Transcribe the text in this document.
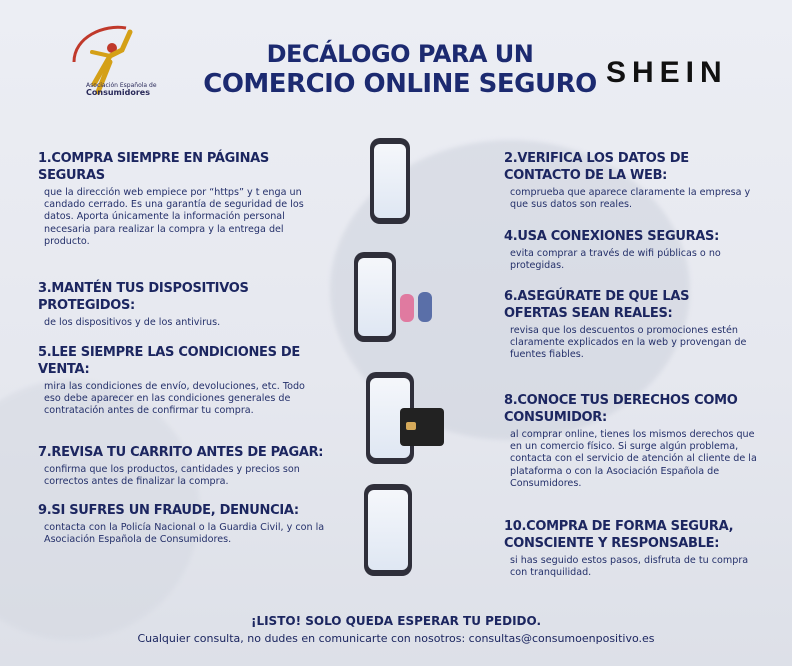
Asociación Española de
Consumidores
DECÁLOGO PARA UN
COMERCIO ONLINE SEGURO SHEIN
1.COMPRA SIEMPRE EN PÁGINAS SEGURAS

que la dirección web empiece por “https” y t enga un candado cerrado. Es una garantía de seguridad de los datos. Aporta únicamente la información personal necesaria para realizar la compra y la entrega del producto.

3.MANTÉN TUS DISPOSITIVOS PROTEGIDOS:

de los dispositivos y de los antivirus.

5.LEE SIEMPRE LAS CONDICIONES DE VENTA:

mira las condiciones de envío, devoluciones, etc. Todo eso debe aparecer en las condiciones generales de contratación antes de confirmar tu compra.

7.REVISA TU CARRITO ANTES DE PAGAR:

confirma que los productos, cantidades y precios son correctos antes de finalizar la compra.

9.SI SUFRES UN FRAUDE, DENUNCIA:

contacta con la Policía Nacional o la Guardia Civil, y con la Asociación Española de Consumidores.

2.VERIFICA LOS DATOS DE CONTACTO DE LA WEB:

comprueba que aparece claramente la empresa y que sus datos son reales.

4.USA CONEXIONES SEGURAS:

evita comprar a través de wifi públicas o no protegidas.

6.ASEGÚRATE DE QUE LAS OFERTAS SEAN REALES:

revisa que los descuentos o promociones estén claramente explicados en la web y provengan de fuentes fiables.

8.CONOCE TUS DERECHOS COMO CONSUMIDOR:

al comprar online, tienes los mismos derechos que en un comercio físico. Si surge algún problema, contacta con el servicio de atención al cliente de la plataforma o con la Asociación Española de Consumidores.

10.COMPRA DE FORMA SEGURA, CONSCIENTE Y RESPONSABLE:

si has seguido estos pasos, disfruta de tu compra con tranquilidad.

¡LISTO! SOLO QUEDA ESPERAR TU PEDIDO.
Cualquier consulta, no dudes en comunicarte con nosotros: consultas@consumoenpositivo.es
